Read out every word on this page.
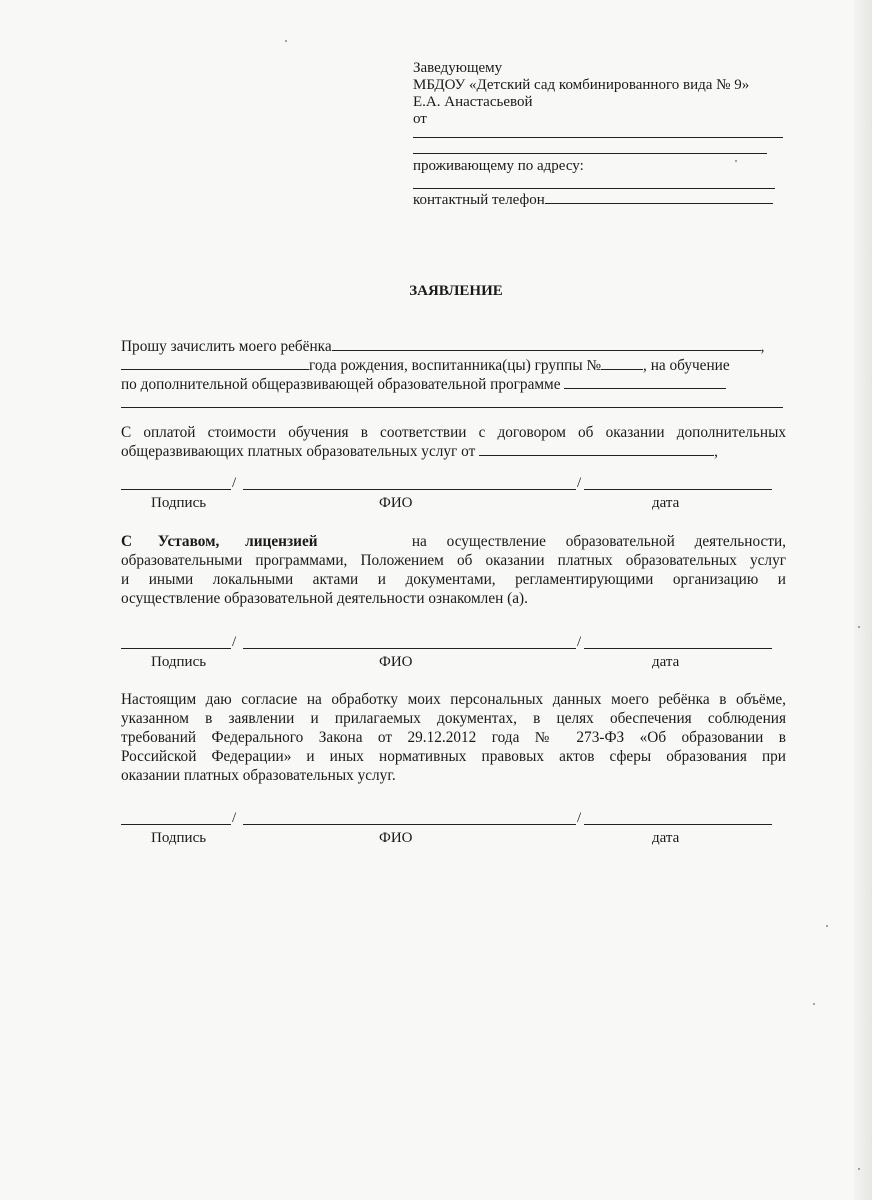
Заведующему
МБДОУ «Детский сад комбинированного вида № 9»
Е.А. Анастасьевой
от
проживающему по адресу:
контактный телефон
ЗАЯВЛЕНИЕ
Прошу зачислить моего ребёнка	,
года рождения, воспитанника(цы) группы №	, на обучение
по дополнительной общеразвивающей образовательной программе
С оплатой стоимости обучения в соответствии с договором об оказании дополнительных
общеразвивающих платных образовательных услуг от	,
/	/
Подпись	ФИО	дата
С Уставом, лицензией	на осуществление образовательной деятельности,
образовательными программами, Положением об оказании платных образовательных услуг
и иными локальными актами и документами, регламентирующими организацию и
осуществление образовательной деятельности ознакомлен (а).
/	/
Подпись	ФИО	дата
Настоящим даю согласие на обработку моих персональных данных моего ребёнка в объёме,
указанном в заявлении и прилагаемых документах, в целях обеспечения соблюдения
требований Федерального Закона от 29.12.2012 года № 273-ФЗ «Об образовании в
Российской Федерации» и иных нормативных правовых актов сферы образования при
оказании платных образовательных услуг.
/	/
Подпись	ФИО	дата
